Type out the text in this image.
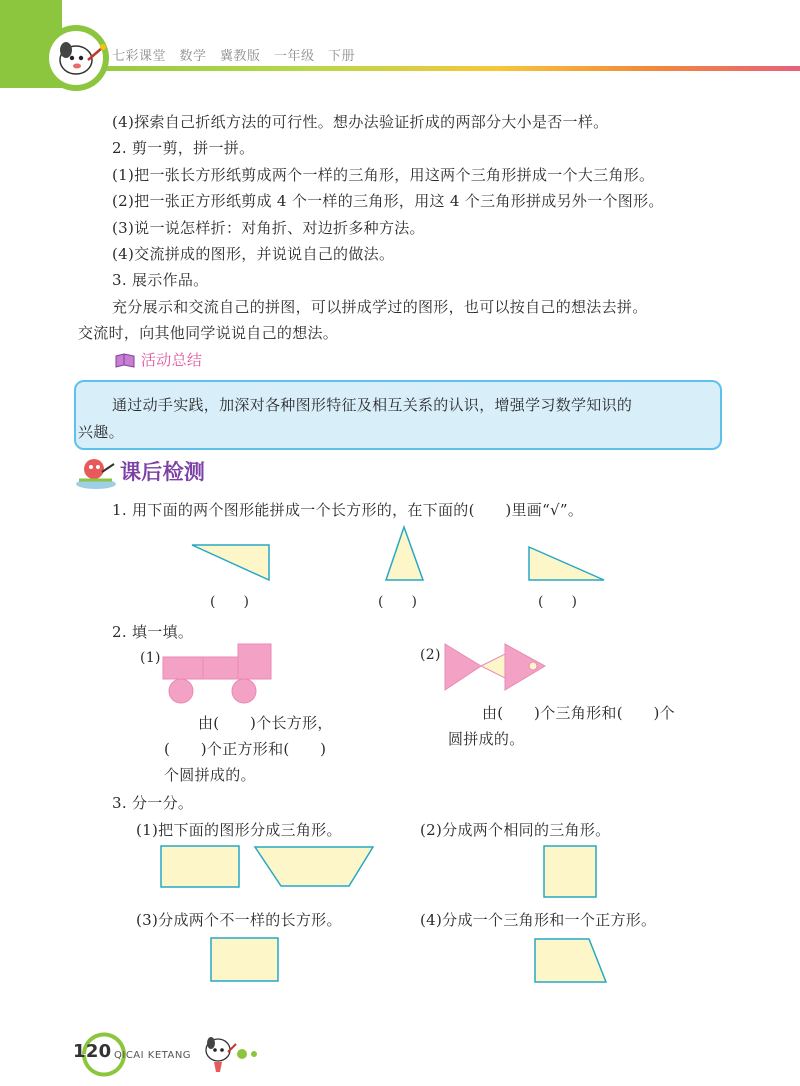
七彩课堂　数学　冀教版　一年级　下册
(4)探索自己折纸方法的可行性。想办法验证折成的两部分大小是否一样。
2. 剪一剪，拼一拼。
(1)把一张长方形纸剪成两个一样的三角形，用这两个三角形拼成一个大三角形。
(2)把一张正方形纸剪成 4 个一样的三角形，用这 4 个三角形拼成另外一个图形。
(3)说一说怎样折：对角折、对边折多种方法。
(4)交流拼成的图形，并说说自己的做法。
3. 展示作品。
充分展示和交流自己的拼图，可以拼成学过的图形，也可以按自己的想法去拼。
交流时，向其他同学说说自己的想法。
活动总结
通过动手实践，加深对各种图形特征及相互关系的认识，增强学习数学知识的
兴趣。
课后检测
1. 用下面的两个图形能拼成一个长方形的，在下面的(　　)里画“√”。
(　　)	(　　)	(　　)
2. 填一填。
(1)
由(　　)个长方形，
(　　)个正方形和(　　)
个圆拼成的。
(2)
由(　　)个三角形和(　　)个
圆拼成的。
3. 分一分。
(1)把下面的图形分成三角形。	(2)分成两个相同的三角形。
(3)分成两个不一样的长方形。	(4)分成一个三角形和一个正方形。
120 QICAI KETANG
